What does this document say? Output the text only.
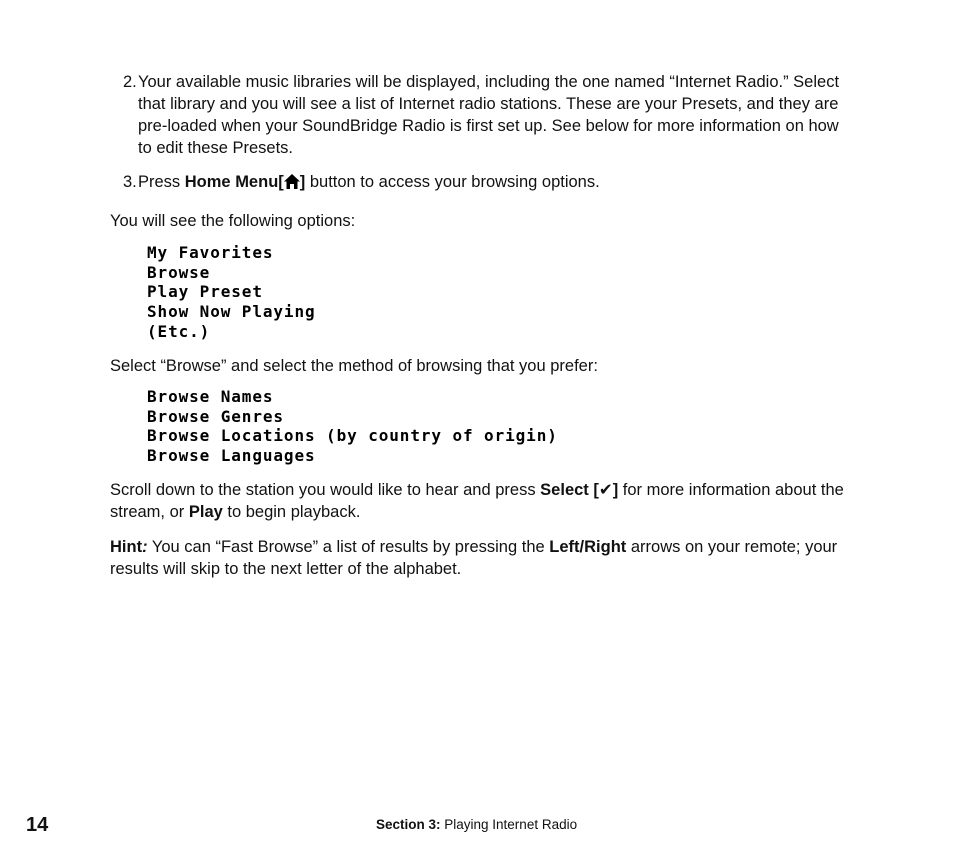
2. Your available music libraries will be displayed, including the one named “Internet Radio.” Select that library and you will see a list of Internet radio stations. These are your Presets, and they are pre-loaded when your SoundBridge Radio is first set up. See below for more information on how to edit these Presets.
3. Press Home Menu[ ] button to access your browsing options.
You will see the following options:
My Favorites
Browse
Play Preset
Show Now Playing
(Etc.)
Select “Browse” and select the method of browsing that you prefer:
Browse Names
Browse Genres
Browse Locations (by country of origin)
Browse Languages
Scroll down to the station you would like to hear and press Select [✔] for more information about the stream, or Play to begin playback.
Hint: You can “Fast Browse” a list of results by pressing the Left/Right arrows on your remote; your results will skip to the next letter of the alphabet.
14	Section 3: Playing Internet Radio
